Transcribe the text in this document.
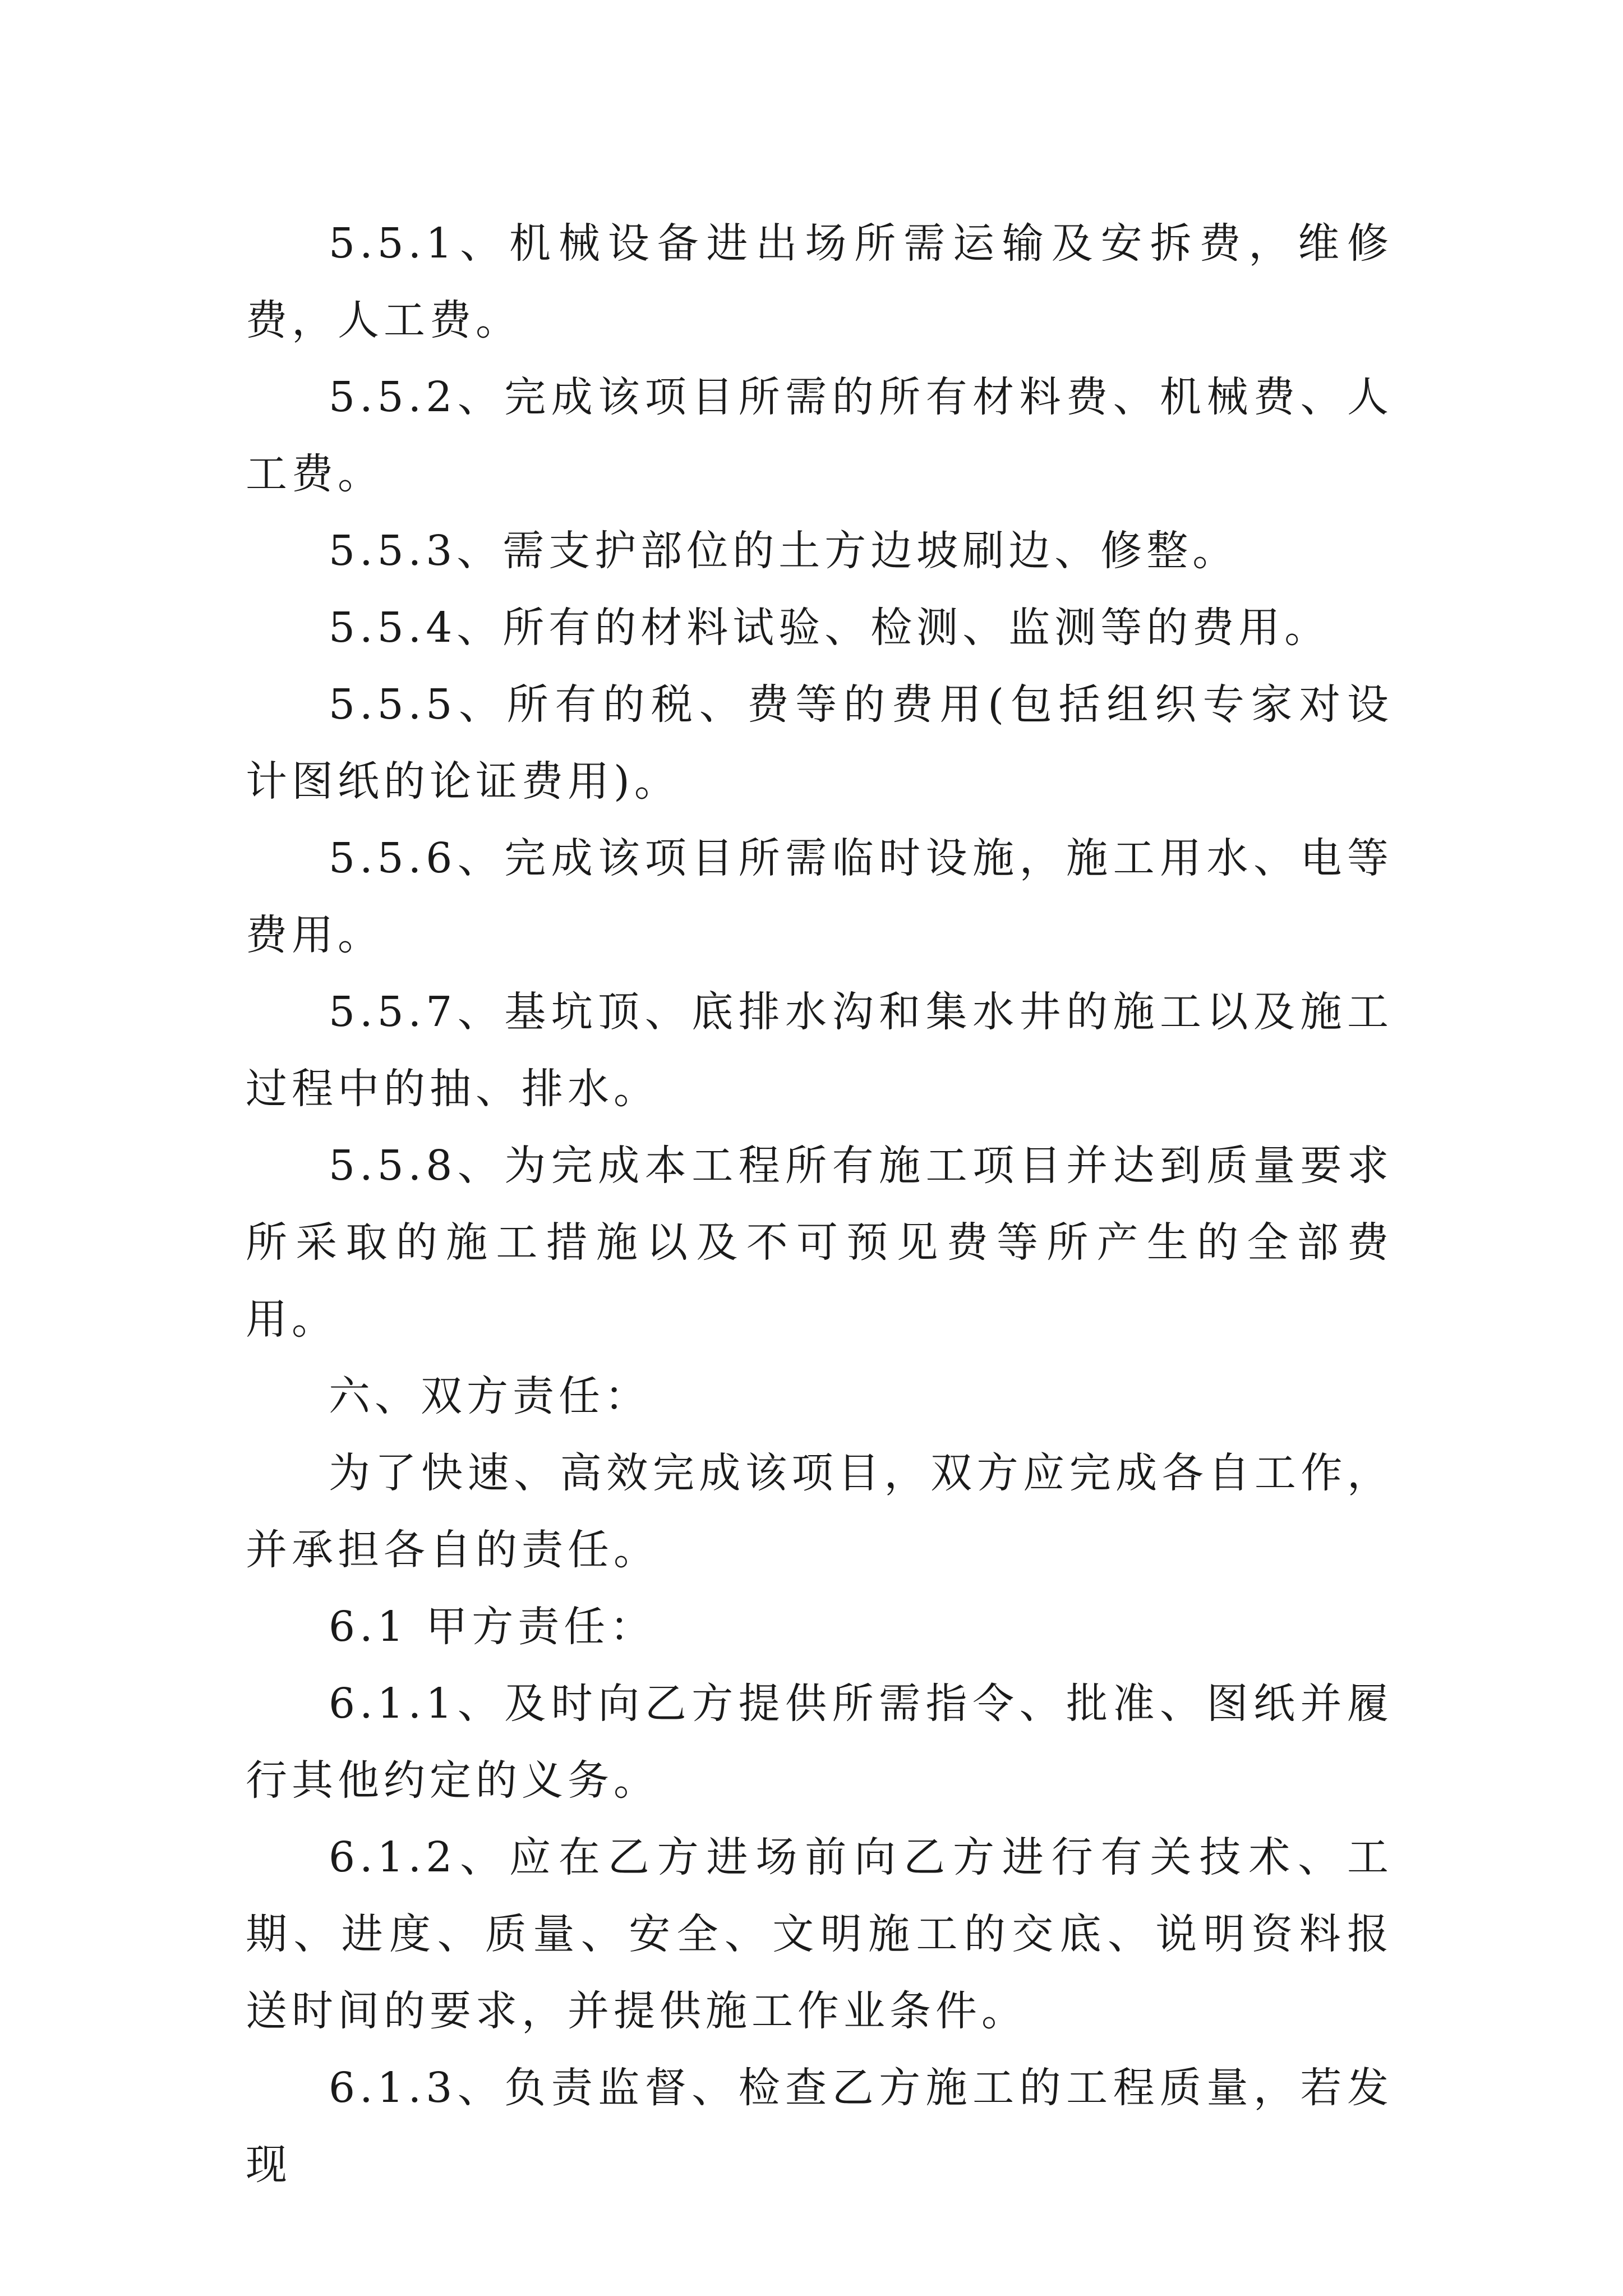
5.5.1、机械设备进出场所需运输及安拆费，维修费，人工费。

5.5.2、完成该项目所需的所有材料费、机械费、人工费。

5.5.3、需支护部位的土方边坡刷边、修整。

5.5.4、所有的材料试验、检测、监测等的费用。

5.5.5、所有的税、费等的费用(包括组织专家对设计图纸的论证费用)。

5.5.6、完成该项目所需临时设施，施工用水、电等费用。

5.5.7、基坑顶、底排水沟和集水井的施工以及施工过程中的抽、排水。

5.5.8、为完成本工程所有施工项目并达到质量要求所采取的施工措施以及不可预见费等所产生的全部费用。

六、双方责任：

为了快速、高效完成该项目，双方应完成各自工作，并承担各自的责任。

6.1 甲方责任：

6.1.1、及时向乙方提供所需指令、批准、图纸并履行其他约定的义务。

6.1.2、应在乙方进场前向乙方进行有关技术、工期、进度、质量、安全、文明施工的交底、说明资料报送时间的要求，并提供施工作业条件。

6.1.3、负责监督、检查乙方施工的工程质量，若发现
